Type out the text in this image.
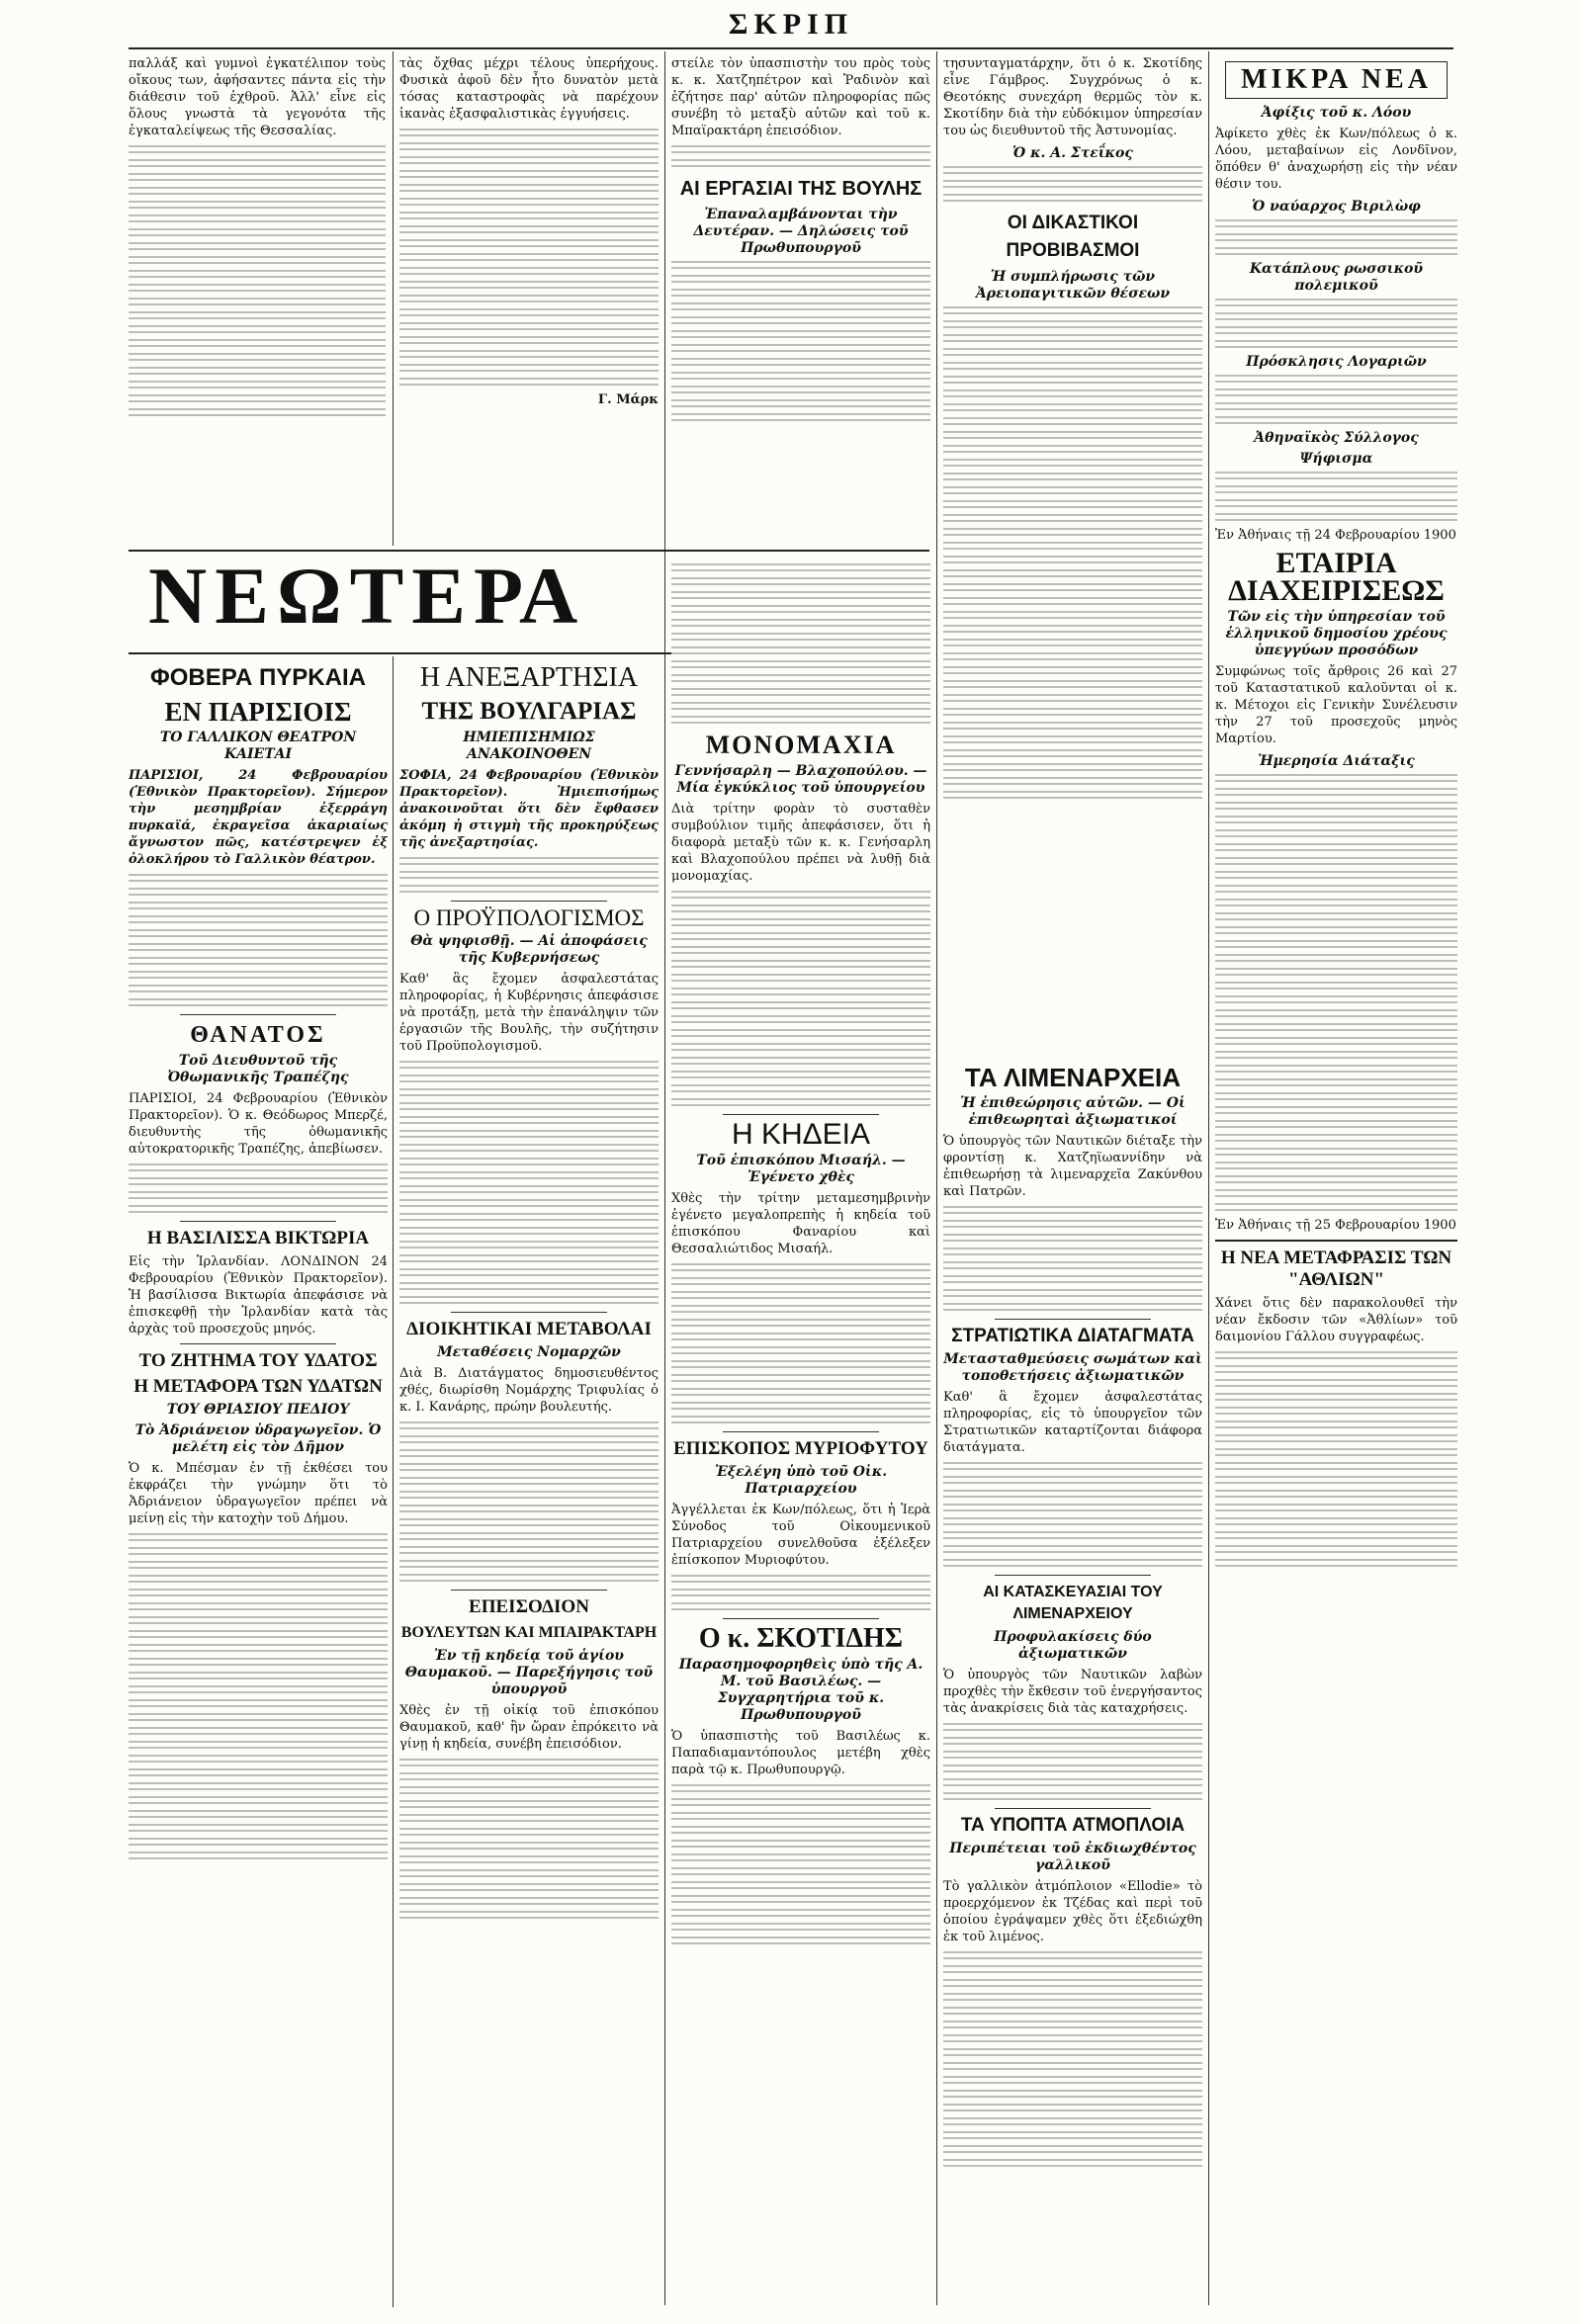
ΣΚΡΙΠ

παλλάξ καὶ γυμνοὶ ἐγκατέλιπον τοὺς οἴκους των, ἀφήσαντες πάντα εἰς τὴν διάθεσιν τοῦ ἐχθροῦ. Ἀλλ' εἶνε εἰς ὅλους γνωστὰ τὰ γεγονότα τῆς ἐγκαταλείψεως τῆς Θεσσαλίας.

τὰς ὄχθας μέχρι τέλους ὑπερήχους. Φυσικὰ ἀφοῦ δὲν ἦτο δυνατὸν μετὰ τόσας καταστροφὰς νὰ παρέχουν ἱκανὰς ἐξασφαλιστικὰς ἐγγυήσεις.

Γ. Μάρκ

στείλε τὸν ὑπασπιστὴν του πρὸς τοὺς κ. κ. Χατζηπέτρον καὶ Ῥαδινὸν καὶ ἐζήτησε παρ' αὐτῶν πληροφορίας πῶς συνέβη τὸ μεταξὺ αὐτῶν καὶ τοῦ κ. Μπαϊρακτάρη ἐπεισόδιον.

ΑΙ ΕΡΓΑΣΙΑΙ ΤΗΣ ΒΟΥΛΗΣ
Ἐπαναλαμβάνονται τὴν Δευτέραν. — Δηλώσεις τοῦ Πρωθυπουργοῦ

τησυνταγματάρχην, ὅτι ὁ κ. Σκοτίδης εἶνε Γάμβρος. Συγχρόνως ὁ κ. Θεοτόκης συνεχάρη θερμῶς τὸν κ. Σκοτίδην διὰ τὴν εὐδόκιμον ὑπηρεσίαν του ὡς διευθυντοῦ τῆς Ἀστυνομίας.

Ὁ κ. Α. Στεΐκος
ΟΙ ΔΙΚΑΣΤΙΚΟΙ ΠΡΟΒΙΒΑΣΜΟΙ
Ἡ συμπλήρωσις τῶν Ἀρειοπαγιτικῶν θέσεων
ΜΙΚΡΑ ΝΕΑ
Ἀφίξις τοῦ κ. Λόου

Ἀφίκετο χθὲς ἐκ Κων/πόλεως ὁ κ. Λόου, μεταβαίνων εἰς Λονδῖνον, ὅπόθεν θ' ἀναχωρήσῃ εἰς τὴν νέαν θέσιν του.

Ὁ ναύαρχος Βιριλὼφ
Κατάπλους ρωσσικοῦ πολεμικοῦ
Πρόσκλησις Λογαριῶν
Ἀθηναϊκὸς Σύλλογος
Ψήφισμα

Ἐν Ἀθήναις τῇ 24 Φεβρουαρίου 1900

ΕΤΑΙΡΙΑ ΔΙΑΧΕΙΡΙΣΕΩΣ
Τῶν εἰς τὴν ὑπηρεσίαν τοῦ ἑλληνικοῦ δημοσίου χρέους ὑπεγγύων προσόδων

Συμφώνως τοῖς ἄρθροις 26 καὶ 27 τοῦ Καταστατικοῦ καλοῦνται οἱ κ. κ. Μέτοχοι εἰς Γενικὴν Συνέλευσιν τὴν 27 τοῦ προσεχοῦς μηνὸς Μαρτίου.

Ἡμερησία Διάταξις

Ἐν Ἀθήναις τῇ 25 Φεβρουαρίου 1900

Η ΝΕΑ ΜΕΤΑΦΡΑΣΙΣ ΤΩΝ "ΑΘΛΙΩΝ"

Χάνει ὅτις δὲν παρακολουθεῖ τὴν νέαν ἔκδοσιν τῶν «Ἀθλίων» τοῦ δαιμονίου Γάλλου συγγραφέως.

ΝΕΩΤΕΡΑ
ΦΟΒΕΡΑ ΠΥΡΚΑΙΑ
ΕΝ ΠΑΡΙΣΙΟΙΣ
ΤΟ ΓΑΛΛΙΚΟΝ ΘΕΑΤΡΟΝ ΚΑΙΕΤΑΙ

ΠΑΡΙΣΙΟΙ, 24 Φεβρουαρίου (Ἑθνικὸν Πρακτορεῖον). Σήμερον τὴν μεσημβρίαν ἐξερράγη πυρκαϊά, ἐκραγεῖσα ἀκαριαίως ἄγνωστον πῶς, κατέστρεψεν ἐξ ὁλοκλήρου τὸ Γαλλικὸν θέατρον.

ΘΑΝΑΤΟΣ
Τοῦ Διευθυντοῦ τῆς Ὀθωμανικῆς Τραπέζης

ΠΑΡΙΣΙΟΙ, 24 Φεβρουαρίου (Ἑθνικὸν Πρακτορεῖον). Ὁ κ. Θεόδωρος Μπερζέ, διευθυντὴς τῆς ὀθωμανικῆς αὐτοκρατορικῆς Τραπέζης, ἀπεβίωσεν.

Η ΒΑΣΙΛΙΣΣΑ ΒΙΚΤΩΡΙΑ

Εἰς τὴν Ἰρλανδίαν. ΛΟΝΔΙΝΟΝ 24 Φεβρουαρίου (Ἑθνικὸν Πρακτορεῖον). Ἡ βασίλισσα Βικτωρία ἀπεφάσισε νὰ ἐπισκεφθῇ τὴν Ἰρλανδίαν κατὰ τὰς ἀρχὰς τοῦ προσεχοῦς μηνός.

ΤΟ ΖΗΤΗΜΑ ΤΟΥ ΥΔΑΤΟΣ
Η ΜΕΤΑΦΟΡΑ ΤΩΝ ΥΔΑΤΩΝ
ΤΟΥ ΘΡΙΑΣΙΟΥ ΠΕΔΙΟΥ
Τὸ Ἀδριάνειον ὑδραγωγεῖον. Ὁ μελέτη εἰς τὸν Δῆμον

Ὁ κ. Μπέσμαν ἐν τῇ ἐκθέσει του ἐκφράζει τὴν γνώμην ὅτι τὸ Ἀδριάνειον ὑδραγωγεῖον πρέπει νὰ μείνῃ εἰς τὴν κατοχὴν τοῦ Δήμου.

Η ΑΝΕΞΑΡΤΗΣΙΑ
ΤΗΣ ΒΟΥΛΓΑΡΙΑΣ
ΗΜΙΕΠΙΣΗΜΙΩΣ ΑΝΑΚΟΙΝΟΘΕΝ

ΣΟΦΙΑ, 24 Φεβρουαρίου (Ἑθνικὸν Πρακτορεῖον). Ἡμιεπισήμως ἀνακοινοῦται ὅτι δὲν ἔφθασεν ἀκόμη ἡ στιγμὴ τῆς προκηρύξεως τῆς ἀνεξαρτησίας.

Ο ΠΡΟΫΠΟΛΟΓΙΣΜΟΣ
Θὰ ψηφισθῇ. — Αἱ ἀποφάσεις τῆς Κυβερνήσεως

Καθ' ἃς ἔχομεν ἀσφαλεστάτας πληροφορίας, ἡ Κυβέρνησις ἀπεφάσισε νὰ προτάξῃ, μετὰ τὴν ἐπανάληψιν τῶν ἐργασιῶν τῆς Βουλῆς, τὴν συζήτησιν τοῦ Προϋπολογισμοῦ.

ΔΙΟΙΚΗΤΙΚΑΙ ΜΕΤΑΒΟΛΑΙ
Μεταθέσεις Νομαρχῶν

Διὰ Β. Διατάγματος δημοσιευθέντος χθές, διωρίσθη Νομάρχης Τριφυλίας ὁ κ. Ι. Κανάρης, πρώην βουλευτής.

ΕΠΕΙΣΟΔΙΟΝ
ΒΟΥΛΕΥΤΩΝ ΚΑΙ ΜΠΑΙΡΑΚΤΑΡΗ
Ἐν τῇ κηδείᾳ τοῦ ἁγίου Θαυμακοῦ. — Παρεξήγησις τοῦ ὑπουργοῦ

Χθὲς ἐν τῇ οἰκίᾳ τοῦ ἐπισκόπου Θαυμακοῦ, καθ' ἣν ὥραν ἐπρόκειτο νὰ γίνῃ ἡ κηδεία, συνέβη ἐπεισόδιον.

ΜΟΝΟΜΑΧΙΑ
Γεννήσαρλη — Βλαχοπούλου. — Μία ἐγκύκλιος τοῦ ὑπουργείου

Διὰ τρίτην φορὰν τὸ συσταθὲν συμβούλιον τιμῆς ἀπεφάσισεν, ὅτι ἡ διαφορὰ μεταξὺ τῶν κ. κ. Γενήσαρλη καὶ Βλαχοπούλου πρέπει νὰ λυθῇ διὰ μονομαχίας.

Η ΚΗΔΕΙΑ
Τοῦ ἐπισκόπου Μισαήλ. — Ἐγένετο χθὲς

Χθὲς τὴν τρίτην μεταμεσημβρινὴν ἐγένετο μεγαλοπρεπὴς ἡ κηδεία τοῦ ἐπισκόπου Φαναρίου καὶ Θεσσαλιώτιδος Μισαήλ.

ΕΠΙΣΚΟΠΟΣ ΜΥΡΙΟΦΥΤΟΥ
Ἐξελέγη ὑπὸ τοῦ Οἰκ. Πατριαρχείου

Ἀγγέλλεται ἐκ Κων/πόλεως, ὅτι ἡ Ἱερὰ Σύνοδος τοῦ Οἰκουμενικοῦ Πατριαρχείου συνελθοῦσα ἐξέλεξεν ἐπίσκοπον Μυριοφύτου.

Ο κ. ΣΚΟΤΙΔΗΣ
Παρασημοφορηθεὶς ὑπὸ τῆς Α. Μ. τοῦ Βασιλέως. — Συγχαρητήρια τοῦ κ. Πρωθυπουργοῦ

Ὁ ὑπασπιστὴς τοῦ Βασιλέως κ. Παπαδιαμαντόπουλος μετέβη χθὲς παρὰ τῷ κ. Πρωθυπουργῷ.

ΤΑ ΛΙΜΕΝΑΡΧΕΙΑ
Ἡ ἐπιθεώρησις αὐτῶν. — Οἱ ἐπιθεωρηταὶ ἀξιωματικοί

Ὁ ὑπουργὸς τῶν Ναυτικῶν διέταξε τὴν φροντίσῃ κ. Χατζηϊωαννίδην νὰ ἐπιθεωρήσῃ τὰ λιμεναρχεῖα Ζακύνθου καὶ Πατρῶν.

ΣΤΡΑΤΙΩΤΙΚΑ ΔΙΑΤΑΓΜΑΤΑ
Μετασταθμεύσεις σωμάτων καὶ τοποθετήσεις ἀξιωματικῶν

Καθ' ἃ ἔχομεν ἀσφαλεστάτας πληροφορίας, εἰς τὸ ὑπουργεῖον τῶν Στρατιωτικῶν καταρτίζονται διάφορα διατάγματα.

ΑΙ ΚΑΤΑΣΚΕΥΑΣΙΑΙ ΤΟΥ ΛΙΜΕΝΑΡΧΕΙΟΥ
Προφυλακίσεις δύο ἀξιωματικῶν

Ὁ ὑπουργὸς τῶν Ναυτικῶν λαβὼν προχθὲς τὴν ἔκθεσιν τοῦ ἐνεργήσαντος τὰς ἀνακρίσεις διὰ τὰς καταχρήσεις.

ΤΑ ΥΠΟΠΤΑ ΑΤΜΟΠΛΟΙΑ
Περιπέτειαι τοῦ ἐκδιωχθέντος γαλλικοῦ

Τὸ γαλλικὸν ἀτμόπλοιον «Ellodie» τὸ προερχόμενον ἐκ Τζέδας καὶ περὶ τοῦ ὁποίου ἐγράψαμεν χθὲς ὅτι ἐξεδιώχθη ἐκ τοῦ λιμένος.
